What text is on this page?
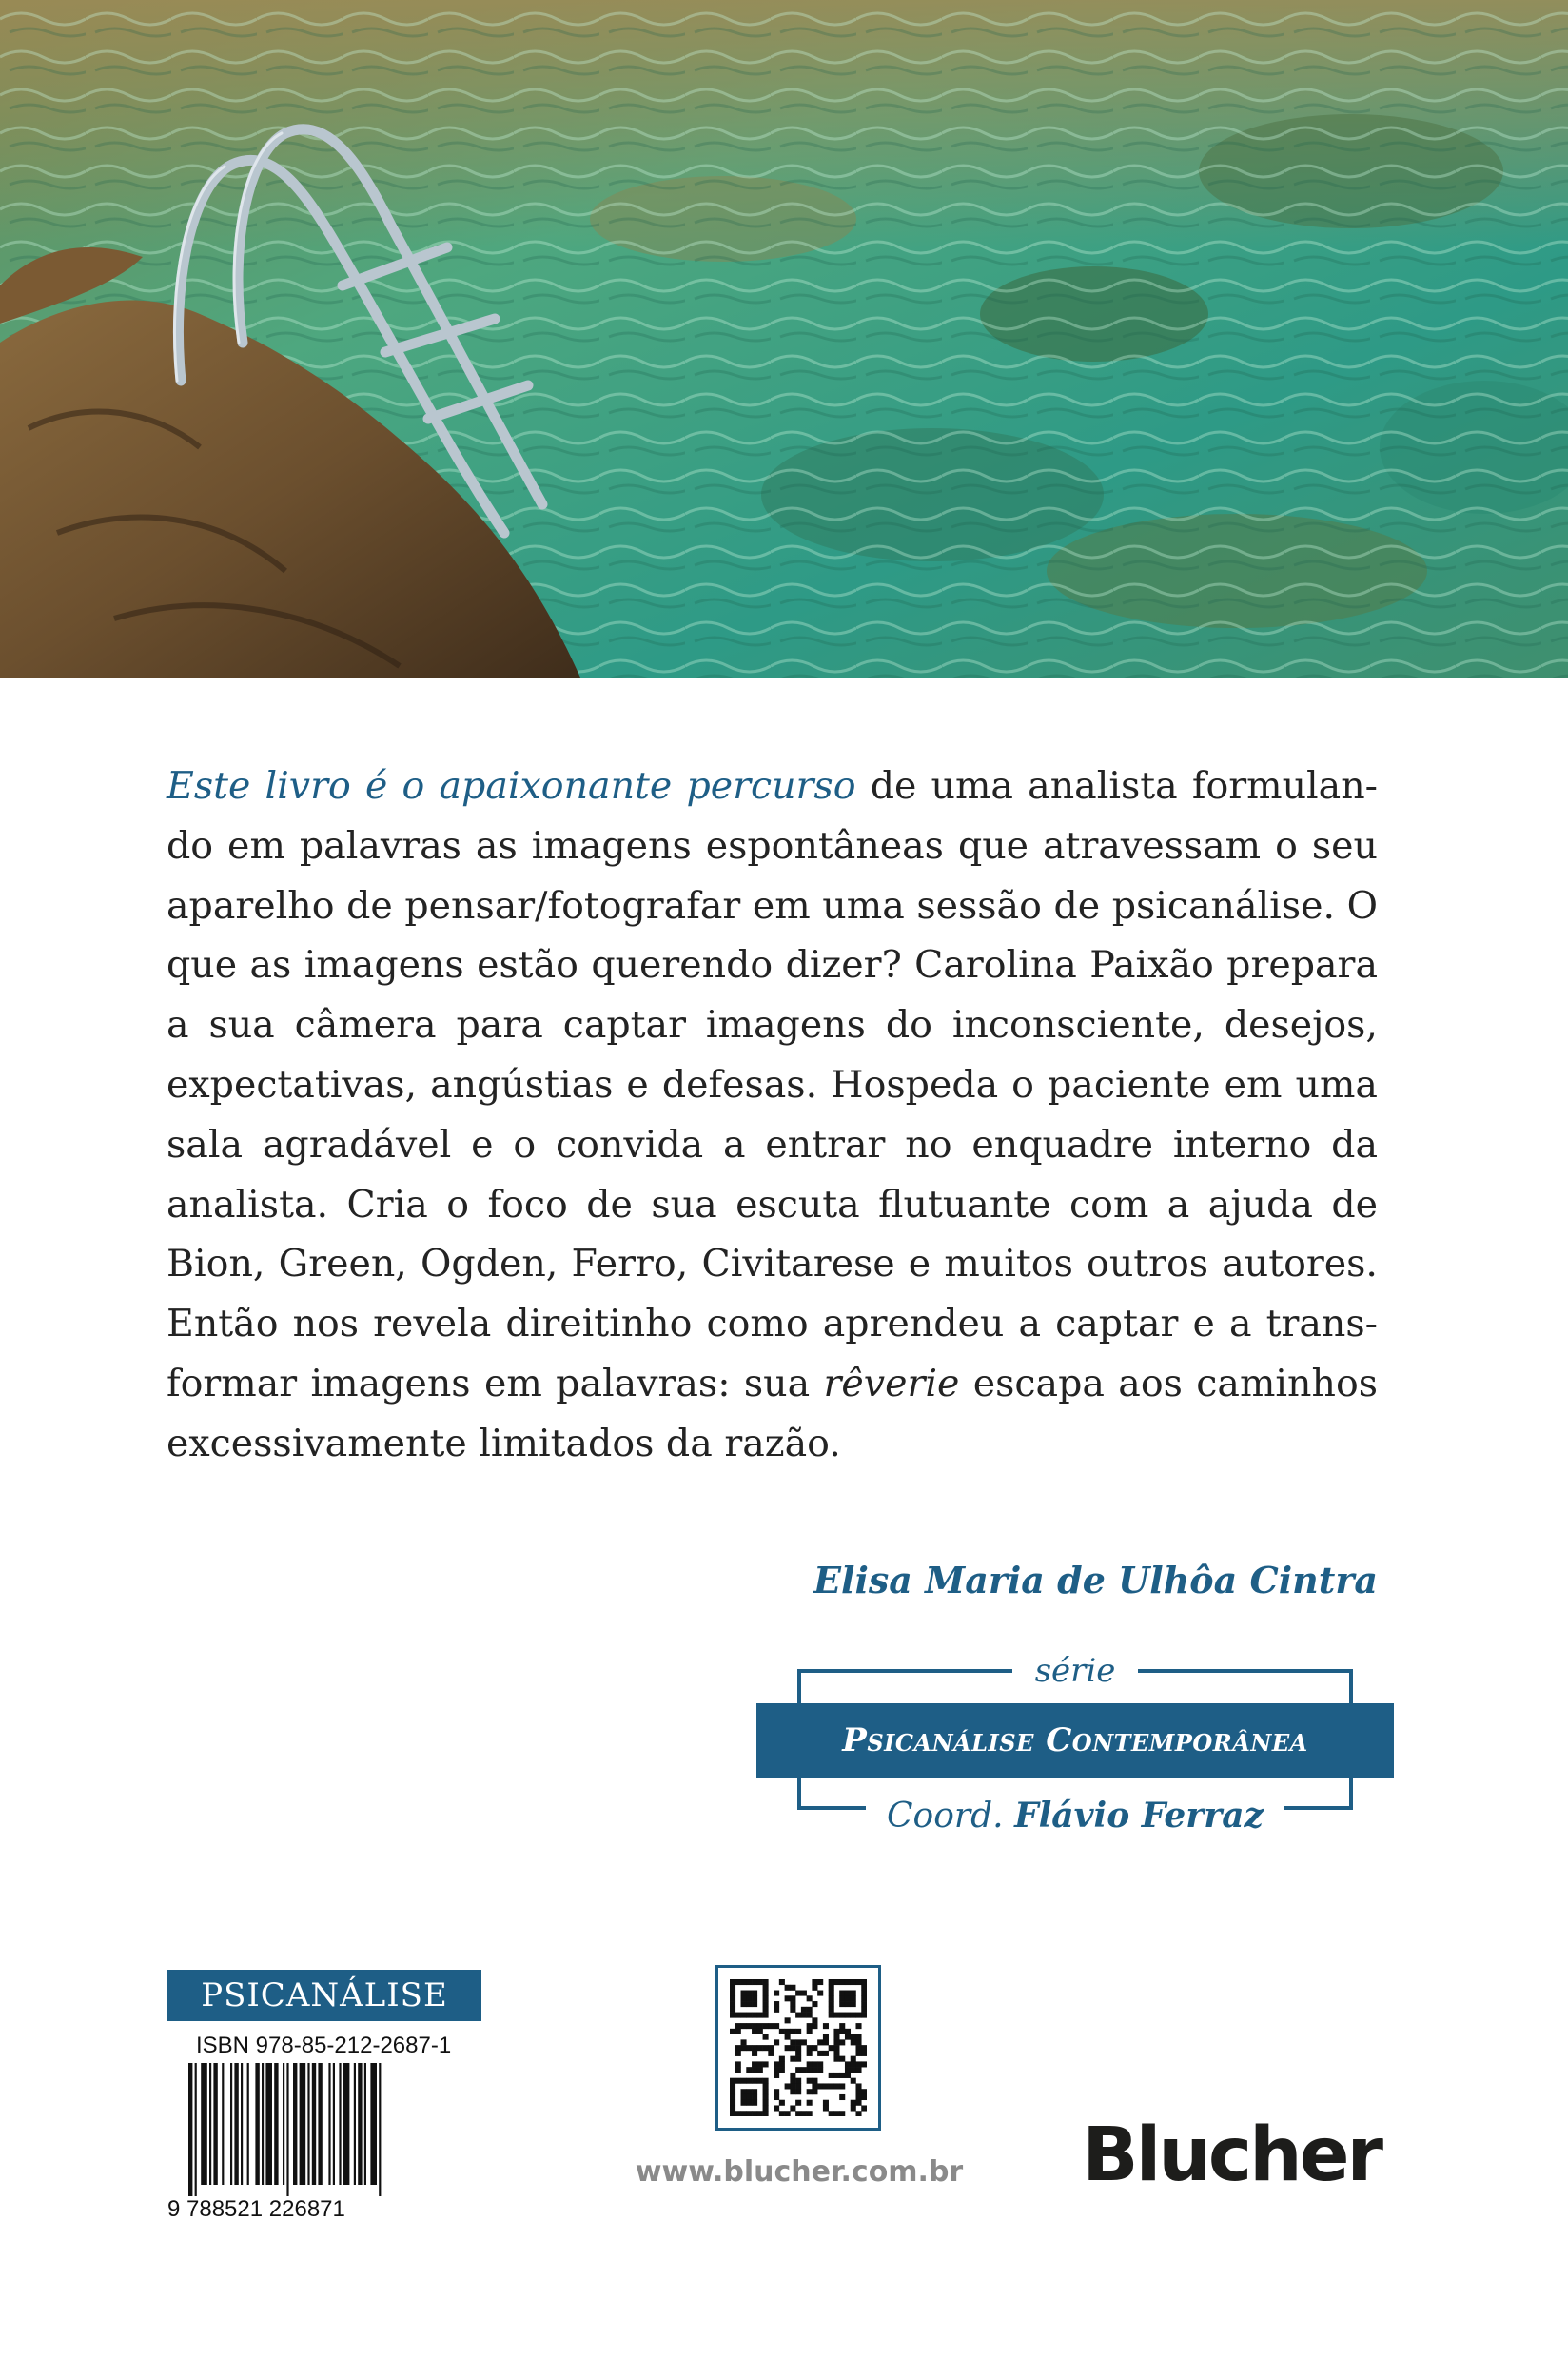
Este livro é o apaixonante percurso de uma analista formulan-do em palavras as imagens espontâneas que atravessam o seu aparelho de pensar/fotografar em uma sessão de psicanálise. O que as imagens estão querendo dizer? Carolina Paixão prepara a sua câmera para captar imagens do inconsciente, desejos, expectativas, angústias e defesas. Hospeda o paciente em uma sala agradável e o convida a entrar no enquadre interno da analista. Cria o foco de sua escuta flutuante com a ajuda de Bion, Green, Ogden, Ferro, Civitarese e muitos outros autores. Então nos revela direitinho como aprendeu a captar e a trans-formar imagens em palavras: sua rêverie escapa aos caminhos excessivamente limitados da razão.

Elisa Maria de Ulhôa Cintra

série
Psicanálise Contemporânea
Coord. Flávio Ferraz
PSICANÁLISE
ISBN 978-85-212-2687-1
9 788521 226871
www.blucher.com.br Blucher
